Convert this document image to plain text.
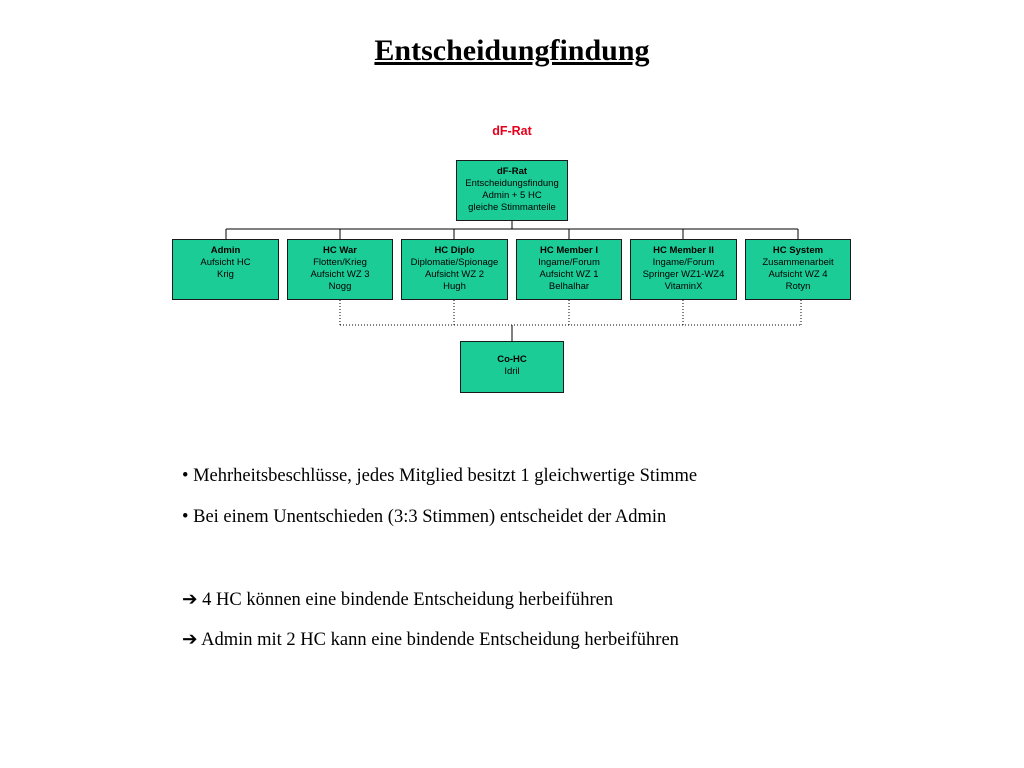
Entscheidungfindung
dF-Rat
dF-Rat
Entscheidungsfindung
Admin + 5 HC
gleiche Stimmanteile
Admin
Aufsicht HC
Krig
HC War
Flotten/Krieg
Aufsicht WZ 3
Nogg
HC Diplo
Diplomatie/Spionage
Aufsicht WZ 2
Hugh
HC Member I
Ingame/Forum
Aufsicht WZ 1
Belhalhar
HC Member II
Ingame/Forum
Springer WZ1-WZ4
VitaminX
HC System
Zusammenarbeit
Aufsicht WZ 4
Rotyn
Co-HC
Idril
• Mehrheitsbeschlüsse, jedes Mitglied besitzt 1 gleichwertige Stimme
• Bei einem Unentschieden (3:3 Stimmen) entscheidet der Admin
➔ 4 HC können eine bindende Entscheidung herbeiführen
➔ Admin mit 2 HC kann eine bindende Entscheidung herbeiführen
